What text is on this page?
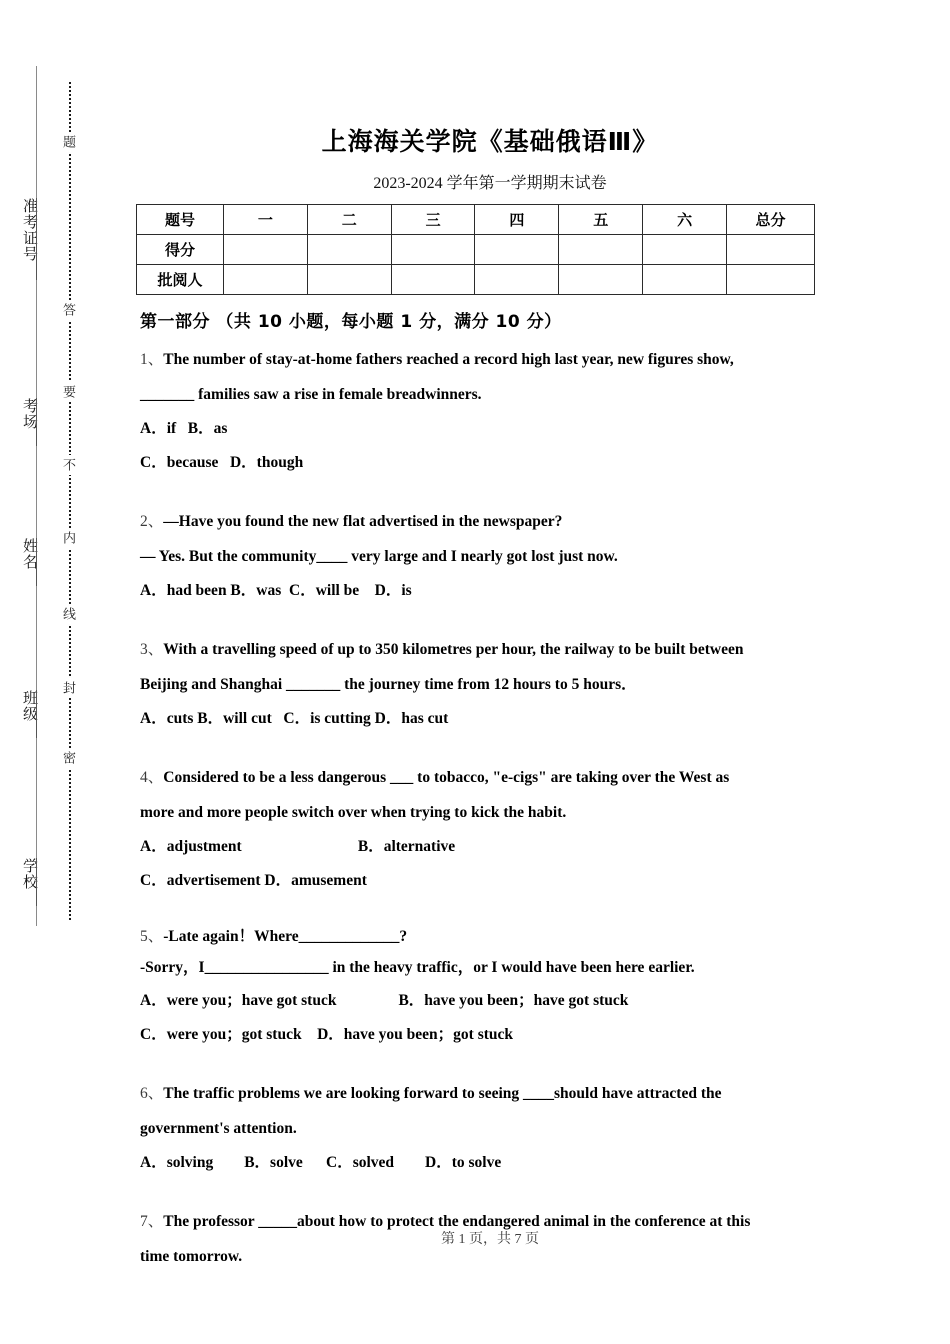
准考证号
考场
姓名
班级
学校
题
答
要
不
内
线
封
密
上海海关学院《基础俄语Ⅲ》
2023-2024 学年第一学期期末试卷
题号	一	二	三	四	五	六	总分
得分							
批阅人							
第一部分 （共 10 小题，每小题 1 分，满分 10 分）
1、The number of stay-at-home fathers reached a record high last year, new figures show,
_______ families saw a rise in female breadwinners.
A．if   B．as
C．because   D．though
2、—Have you found the new flat advertised in the newspaper?
— Yes. But the community____ very large and I nearly got lost just now.
A．had been B．was  C．will be    D．is
3、With a travelling speed of up to 350 kilometres per hour, the railway to be built between
Beijing and Shanghai _______ the journey time from 12 hours to 5 hours．
A．cuts B．will cut   C．is cutting D．has cut
4、Considered to be a less dangerous ___ to tobacco, "e-cigs" are taking over the West as
more and more people switch over when trying to kick the habit.
A．adjustment                              B．alternative
C．advertisement D．amusement
5、-Late again！Where_____________?
-Sorry，I________________ in the heavy traffic，or I would have been here earlier.
A．were you；have got stuck                B．have you been；have got stuck
C．were you；got stuck    D．have you been；got stuck
6、The traffic problems we are looking forward to seeing ____should have attracted the
government's attention.
A．solving        B．solve      C．solved        D．to solve
7、The professor _____about how to protect the endangered animal in the conference at this
time tomorrow.
第 1 页，共 7 页
